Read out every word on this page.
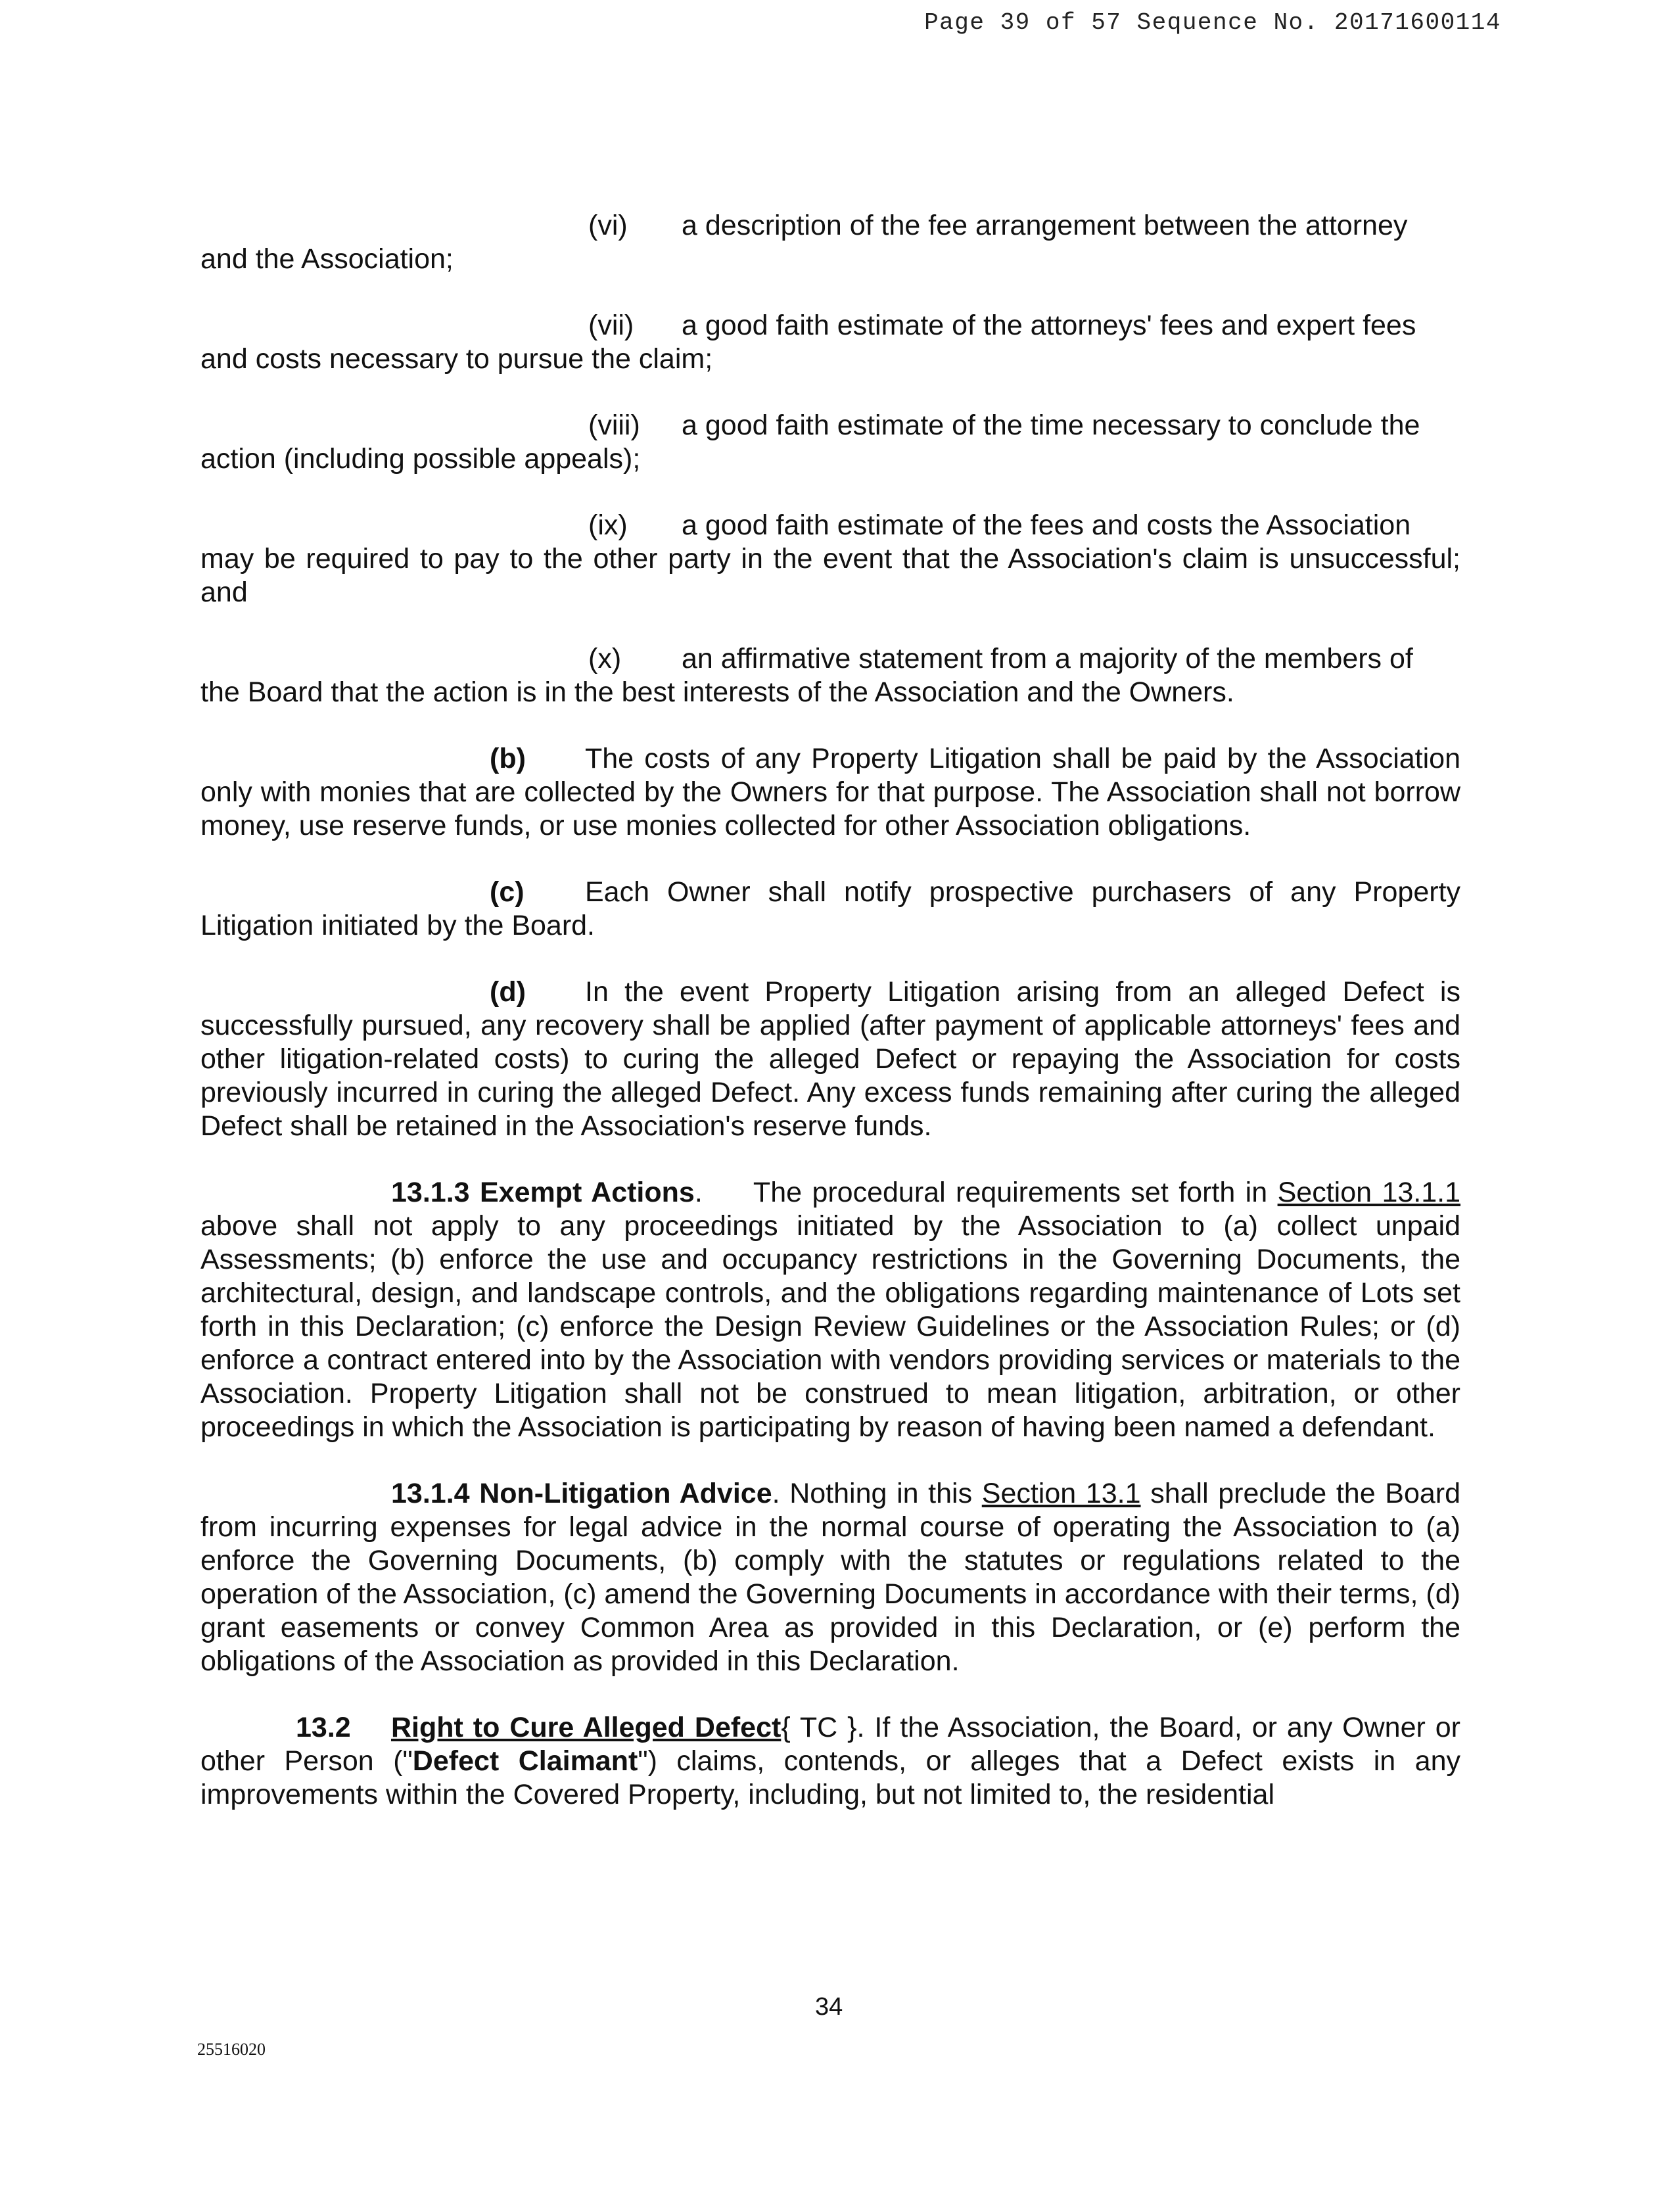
Page 39 of 57 Sequence No. 20171600114
(vi) a description of the fee arrangement between the attorney
and the Association;
(vii) a good faith estimate of the attorneys' fees and expert fees
and costs necessary to pursue the claim;
(viii) a good faith estimate of the time necessary to conclude the
action (including possible appeals);
(ix) a good faith estimate of the fees and costs the Association
may be required to pay to the other party in the event that the Association's claim is unsuccessful; and
(x) an affirmative statement from a majority of the members of
the Board that the action is in the best interests of the Association and the Owners.
(b) The costs of any Property Litigation shall be paid by the Association only with monies that are collected by the Owners for that purpose. The Association shall not borrow money, use reserve funds, or use monies collected for other Association obligations.
(c) Each Owner shall notify prospective purchasers of any Property Litigation initiated by the Board.
(d) In the event Property Litigation arising from an alleged Defect is successfully pursued, any recovery shall be applied (after payment of applicable attorneys' fees and other litigation-related costs) to curing the alleged Defect or repaying the Association for costs previously incurred in curing the alleged Defect. Any excess funds remaining after curing the alleged Defect shall be retained in the Association's reserve funds.
13.1.3 Exempt Actions. The procedural requirements set forth in Section 13.1.1 above shall not apply to any proceedings initiated by the Association to (a) collect unpaid Assessments; (b) enforce the use and occupancy restrictions in the Governing Documents, the architectural, design, and landscape controls, and the obligations regarding maintenance of Lots set forth in this Declaration; (c) enforce the Design Review Guidelines or the Association Rules; or (d) enforce a contract entered into by the Association with vendors providing services or materials to the Association. Property Litigation shall not be construed to mean litigation, arbitration, or other proceedings in which the Association is participating by reason of having been named a defendant.
13.1.4 Non-Litigation Advice. Nothing in this Section 13.1 shall preclude the Board from incurring expenses for legal advice in the normal course of operating the Association to (a) enforce the Governing Documents, (b) comply with the statutes or regulations related to the operation of the Association, (c) amend the Governing Documents in accordance with their terms, (d) grant easements or convey Common Area as provided in this Declaration, or (e) perform the obligations of the Association as provided in this Declaration.
13.2 Right to Cure Alleged Defect{ TC }. If the Association, the Board, or any Owner or other Person ("Defect Claimant") claims, contends, or alleges that a Defect exists in any improvements within the Covered Property, including, but not limited to, the residential
34
25516020
